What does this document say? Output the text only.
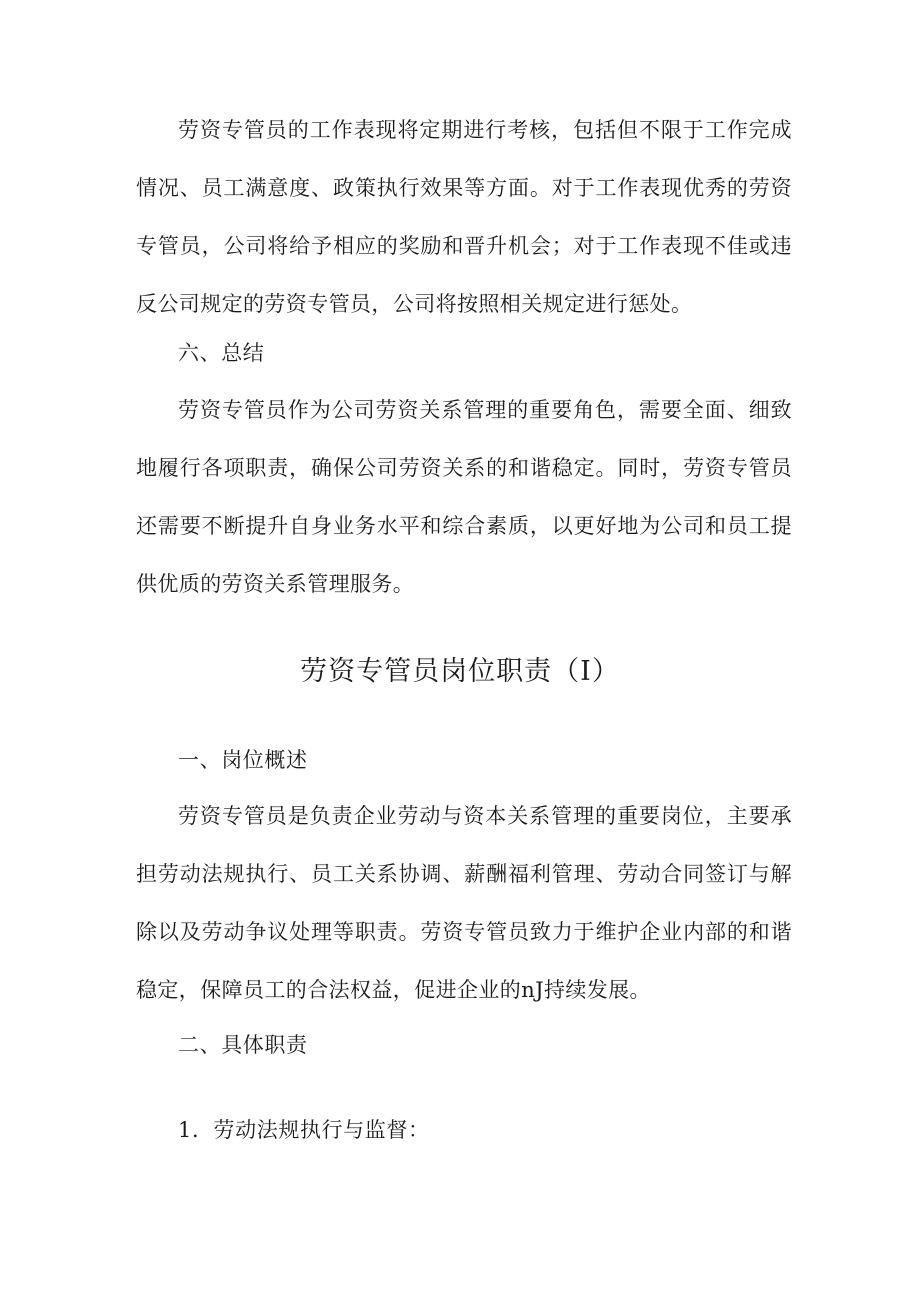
劳资专管员的工作表现将定期进行考核，包括但不限于工作完成情况、员工满意度、政策执行效果等方面。对于工作表现优秀的劳资专管员，公司将给予相应的奖励和晋升机会；对于工作表现不佳或违反公司规定的劳资专管员，公司将按照相关规定进行惩处。

六、总结

劳资专管员作为公司劳资关系管理的重要角色，需要全面、细致地履行各项职责，确保公司劳资关系的和谐稳定。同时，劳资专管员还需要不断提升自身业务水平和综合素质，以更好地为公司和员工提供优质的劳资关系管理服务。

劳资专管员岗位职责（I）

一、岗位概述

劳资专管员是负责企业劳动与资本关系管理的重要岗位，主要承担劳动法规执行、员工关系协调、薪酬福利管理、劳动合同签订与解除以及劳动争议处理等职责。劳资专管员致力于维护企业内部的和谐稳定，保障员工的合法权益，促进企业的nJ持续发展。

二、具体职责

1．劳动法规执行与监督：
